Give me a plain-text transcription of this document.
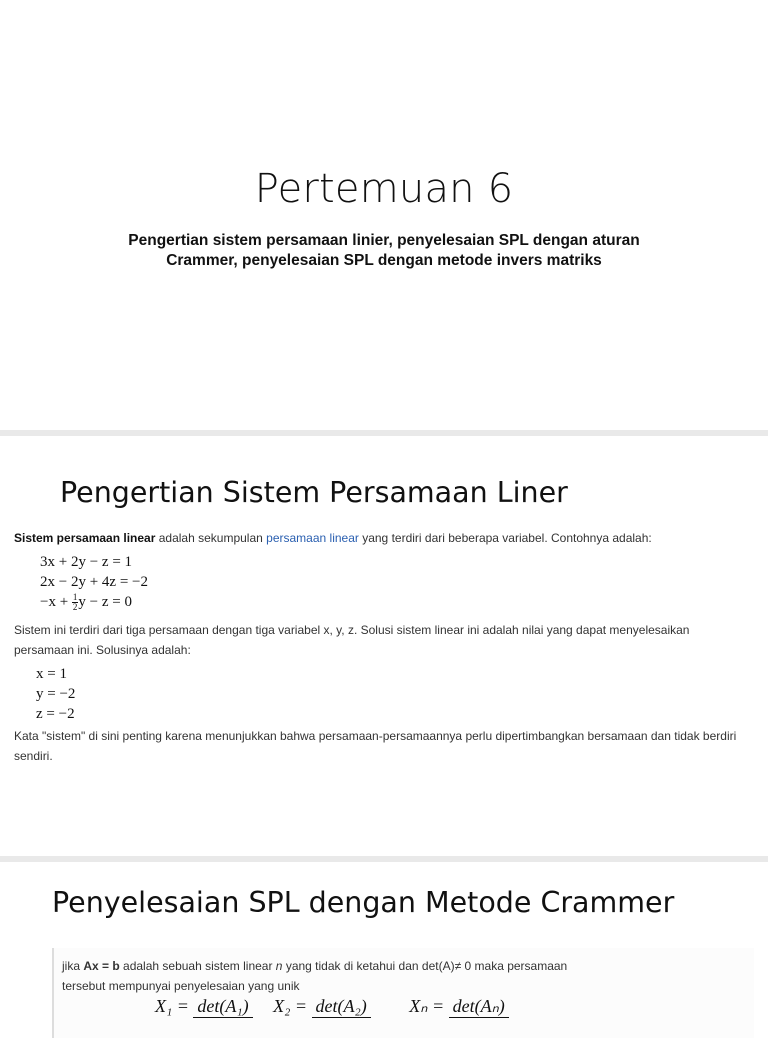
Pertemuan 6
Pengertian sistem persamaan linier, penyelesaian SPL dengan aturan
Crammer, penyelesaian SPL dengan metode invers matriks
Pengertian Sistem Persamaan Liner
Sistem persamaan linear adalah sekumpulan persamaan linear yang terdiri dari beberapa variabel. Contohnya adalah:
3x + 2y − z = 1
2x − 2y + 4z = −2
$-x + \frac{1}{2}$ y − z = 0
Sistem ini terdiri dari tiga persamaan dengan tiga variabel x, y, z. Solusi sistem linear ini adalah nilai yang dapat menyelesaikan
persamaan ini. Solusinya adalah:
x = 1
y = −2
z = −2
Kata "sistem" di sini penting karena menunjukkan bahwa persamaan-persamaannya perlu dipertimbangkan bersamaan dan tidak berdiri
sendiri.
Penyelesaian SPL dengan Metode Crammer
jika Ax = b adalah sebuah sistem linear n yang tidak di ketahui dan det(A)≠ 0 maka persamaan
tersebut mempunyai penyelesaian yang unik
X₁ = det(A₁) X₂ = det(A₂) Xₙ = det(Aₙ)
